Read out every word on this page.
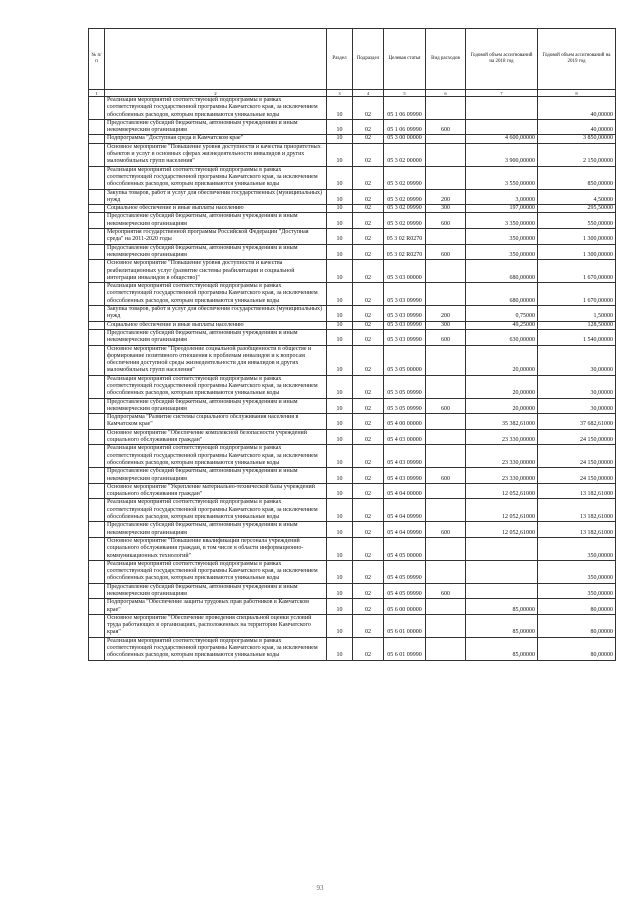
№ п/п		Раздел	Подраздел	Целевая статья	Вид расходов	Годовой объем ассигнований на 2018 год	Годовой объем ассигнований на 2019 год
1	2	3	4	5	6	7	8
	Реализация мероприятий соответствующей подпрограммы в рамках соответствующей государственной программы Камчатского края, за исключением обособленных расходов, которым присваиваются уникальные коды	10	02	05 1 06 09990			40,00000
	Предоставление субсидий бюджетным, автономным учреждениям и иным некоммерческим организациям	10	02	05 1 06 09990	600		40,00000
	Подпрограмма "Доступная среда в Камчатском крае"	10	02	05 3 00 00000		4 600,00000	3 850,00000
	Основное мероприятие "Повышение уровня доступности и качества приоритетных объектов и услуг в основных сферах жизнедеятельности инвалидов и других маломобильных групп населения"	10	02	05 3 02 00000		3 900,00000	2 150,00000
	Реализация мероприятий соответствующей подпрограммы в рамках соответствующей государственной программы Камчатского края, за исключением обособленных расходов, которым присваиваются уникальные коды	10	02	05 3 02 09990		3 550,00000	850,00000
	Закупка товаров, работ и услуг для обеспечения государственных (муниципальных) нужд	10	02	05 3 02 09990	200	3,00000	4,50000
	Социальное обеспечение и иные выплаты населению	10	02	05 3 02 09990	300	197,00000	295,50000
	Предоставление субсидий бюджетным, автономным учреждениям и иным некоммерческим организациям	10	02	05 3 02 09990	600	3 350,00000	550,00000
	Мероприятия государственной программы Российской Федерации "Доступная среда" на 2011-2020 годы	10	02	05 3 02 R0270		350,00000	1 300,00000
	Предоставление субсидий бюджетным, автономным учреждениям и иным некоммерческим организациям	10	02	05 3 02 R0270	600	350,00000	1 300,00000
	Основное мероприятие "Повышение уровня доступности и качества реабилитационных услуг (развитие системы реабилитации и социальной интеграции инвалидов в общество)"	10	02	05 3 03 00000		680,00000	1 670,00000
	Реализация мероприятий соответствующей подпрограммы в рамках соответствующей государственной программы Камчатского края, за исключением обособленных расходов, которым присваиваются уникальные коды	10	02	05 3 03 09990		680,00000	1 670,00000
	Закупка товаров, работ и услуг для обеспечения государственных (муниципальных) нужд	10	02	05 3 03 09990	200	0,75000	1,50000
	Социальное обеспечение и иные выплаты населению	10	02	05 3 03 09990	300	49,25000	128,50000
	Предоставление субсидий бюджетным, автономным учреждениям и иным некоммерческим организациям	10	02	05 3 03 09990	600	630,00000	1 540,00000
	Основное мероприятие "Преодоление социальной разобщенности в обществе и формирование позитивного отношения к проблемам инвалидов и к вопросам обеспечения доступной среды жизнедеятельности для инвалидов и других маломобильных групп населения"	10	02	05 3 05 00000		20,00000	30,00000
	Реализация мероприятий соответствующей подпрограммы в рамках соответствующей государственной программы Камчатского края, за исключением обособленных расходов, которым присваиваются уникальные коды	10	02	05 3 05 09990		20,00000	30,00000
	Предоставление субсидий бюджетным, автономным учреждениям и иным некоммерческим организациям	10	02	05 3 05 09990	600	20,00000	30,00000
	Подпрограмма "Развитие системы социального обслуживания населения в Камчатском крае"	10	02	05 4 00 00000		35 382,61000	37 682,61000
	Основное мероприятие "Обеспечение комплексной безопасности учреждений социального обслуживания граждан"	10	02	05 4 03 00000		23 330,00000	24 150,00000
	Реализация мероприятий соответствующей подпрограммы в рамках соответствующей государственной программы Камчатского края, за исключением обособленных расходов, которым присваиваются уникальные коды	10	02	05 4 03 09990		23 330,00000	24 150,00000
	Предоставление субсидий бюджетным, автономным учреждениям и иным некоммерческим организациям	10	02	05 4 03 09990	600	23 330,00000	24 150,00000
	Основное мероприятие "Укрепление материально-технической базы учреждений социального обслуживания граждан"	10	02	05 4 04 00000		12 052,61000	13 182,61000
	Реализация мероприятий соответствующей подпрограммы в рамках соответствующей государственной программы Камчатского края, за исключением обособленных расходов, которым присваиваются уникальные коды	10	02	05 4 04 09990		12 052,61000	13 182,61000
	Предоставление субсидий бюджетным, автономным учреждениям и иным некоммерческим организациям	10	02	05 4 04 09990	600	12 052,61000	13 182,61000
	Основное мероприятие "Повышение квалификации персонала учреждений социального обслуживания граждан, в том числе в области информационно-коммуникационных технологий"	10	02	05 4 05 00000			350,00000
	Реализация мероприятий соответствующей подпрограммы в рамках соответствующей государственной программы Камчатского края, за исключением обособленных расходов, которым присваиваются уникальные коды	10	02	05 4 05 09990			350,00000
	Предоставление субсидий бюджетным, автономным учреждениям и иным некоммерческим организациям	10	02	05 4 05 09990	600		350,00000
	Подпрограмма "Обеспечение защиты трудовых прав работников в Камчатском крае"	10	02	05 6 00 00000		85,00000	80,00000
	Основное мероприятие "Обеспечение проведения специальной оценки условий труда работающих в организациях, расположенных на территории Камчатского края"	10	02	05 6 01 00000		85,00000	80,00000
	Реализация мероприятий соответствующей подпрограммы в рамках соответствующей государственной программы Камчатского края, за исключением обособленных расходов, которым присваиваются уникальные коды	10	02	05 6 01 09990		85,00000	80,00000
93
